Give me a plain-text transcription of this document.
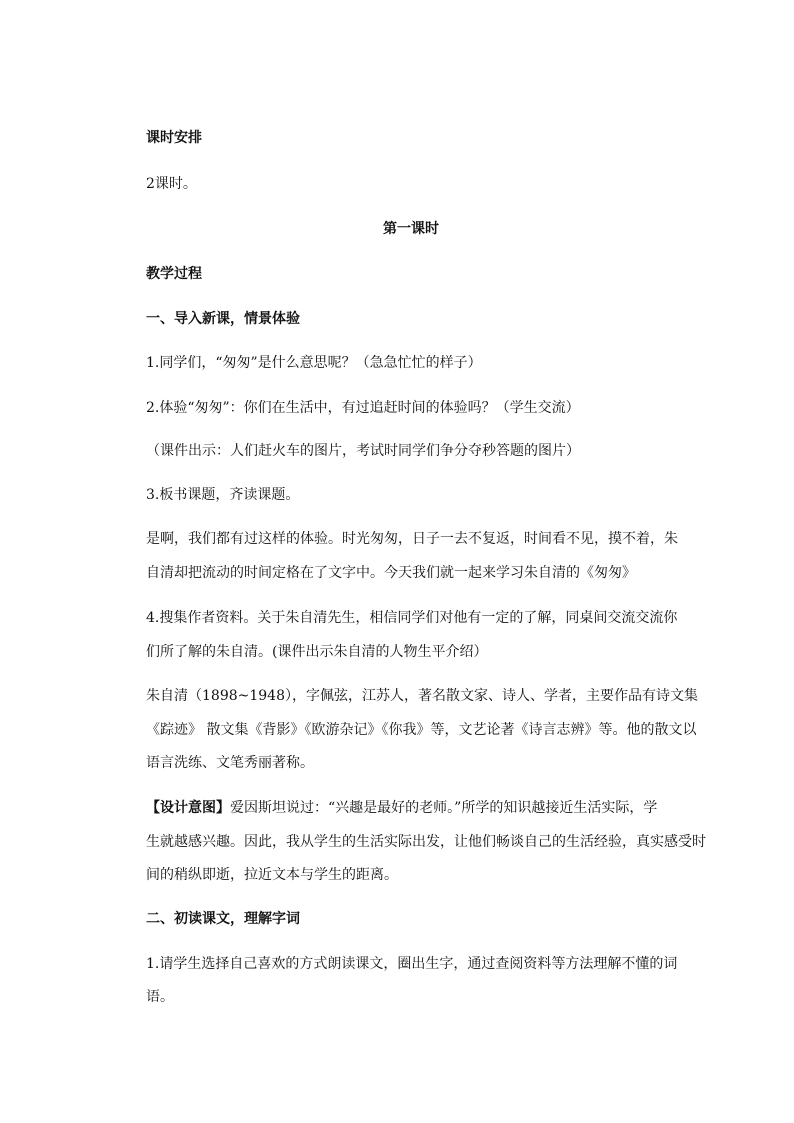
课时安排
2课时。
第一课时
教学过程
一、导入新课，情景体验
1.同学们，“匆匆”是什么意思呢？（急急忙忙的样子）
2.体验“匆匆”：你们在生活中，有过追赶时间的体验吗？（学生交流）
（课件出示：人们赶火车的图片，考试时同学们争分夺秒答题的图片）
3.板书课题，齐读课题。
是啊，我们都有过这样的体验。时光匆匆，日子一去不复返，时间看不见，摸不着，朱
自清却把流动的时间定格在了文字中。今天我们就一起来学习朱自清的《匆匆》
4.搜集作者资料。关于朱自清先生，相信同学们对他有一定的了解，同桌间交流交流你
们所了解的朱自清。(课件出示朱自清的人物生平介绍）
朱自清（1898~1948），字佩弦，江苏人，著名散文家、诗人、学者，主要作品有诗文集
《踪迹》 散文集《背影》《欧游杂记》《你我》等，文艺论著《诗言志辨》等。他的散文以
语言洗练、文笔秀丽著称。
【设计意图】爱因斯坦说过：“兴趣是最好的老师。”所学的知识越接近生活实际，学
生就越感兴趣。因此，我从学生的生活实际出发，让他们畅谈自己的生活经验，真实感受时
间的稍纵即逝，拉近文本与学生的距离。
二、初读课文，理解字词
1.请学生选择自己喜欢的方式朗读课文，圈出生字，通过查阅资料等方法理解不懂的词
语。
